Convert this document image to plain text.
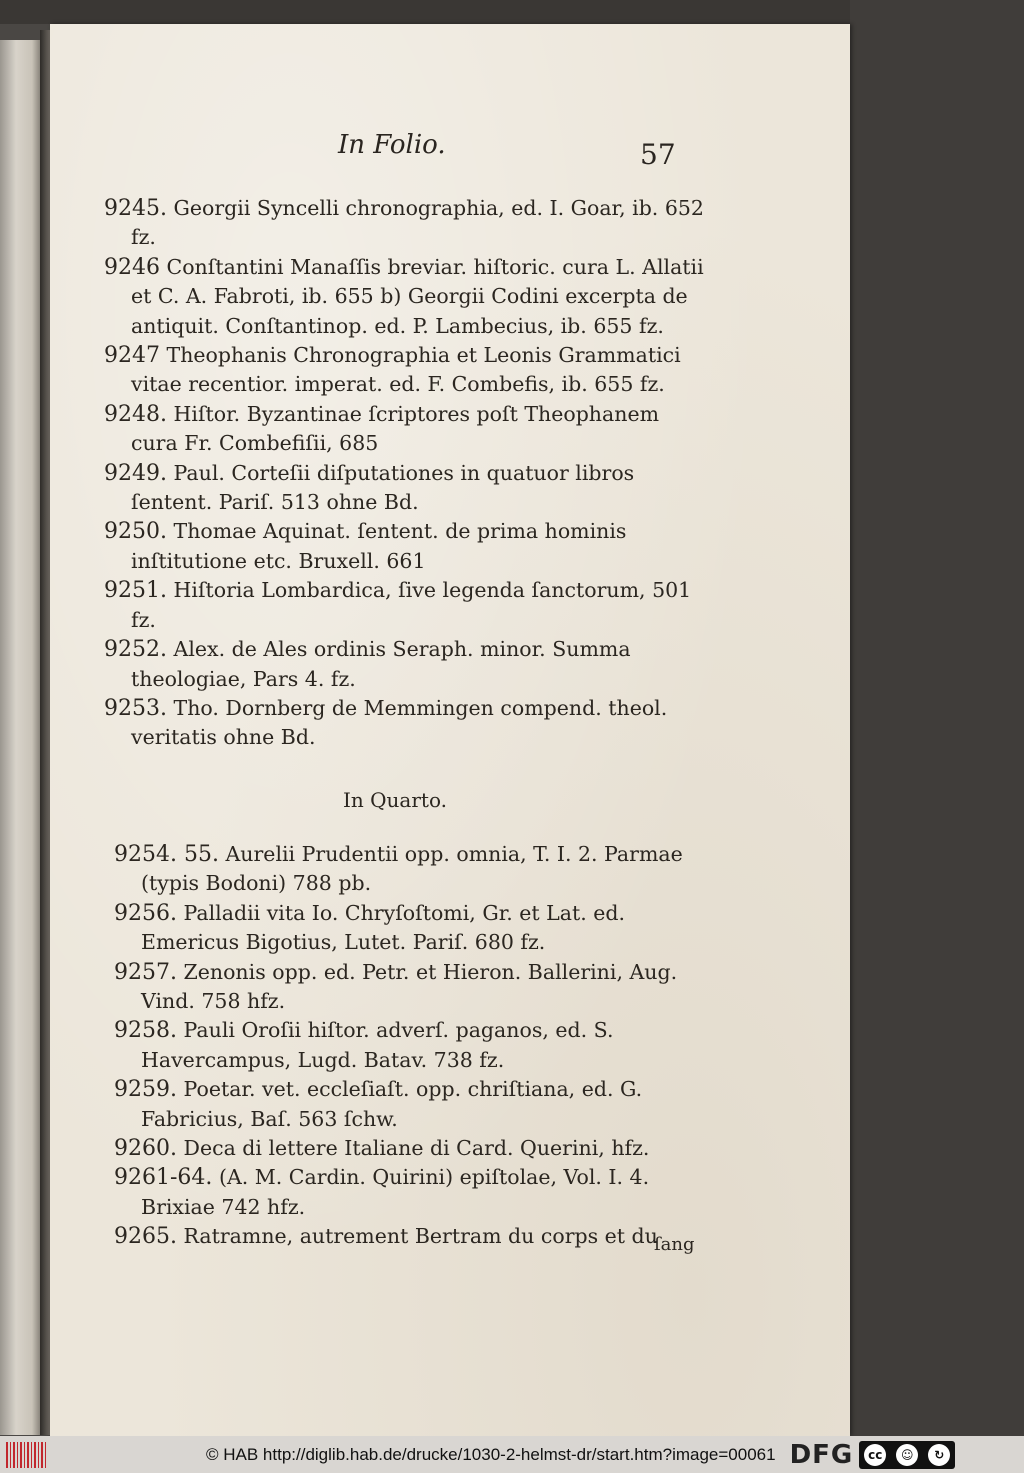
In Folio.	57

9245. Georgii Syncelli chronographia, ed. I. Goar, ib. 652 fz.

9246 Conſtantini Manaſſis breviar. hiſtoric. cura L. Allatii et C. A. Fabroti, ib. 655 b) Georgii Codini excerpta de antiquit. Conſtantinop. ed. P. Lambecius, ib. 655 fz.

9247 Theophanis Chronographia et Leonis Grammatici vitae recentior. imperat. ed. F. Combefis, ib. 655 fz.

9248. Hiſtor. Byzantinae ſcriptores poſt Theophanem cura Fr. Combefiſii, 685

9249. Paul. Corteſii diſputationes in quatuor libros ſentent. Pariſ. 513 ohne Bd.

9250. Thomae Aquinat. ſentent. de prima hominis inſtitutione etc. Bruxell. 661

9251. Hiſtoria Lombardica, ſive legenda ſanctorum, 501 fz.

9252. Alex. de Ales ordinis Seraph. minor. Summa theologiae, Pars 4. fz.

9253. Tho. Dornberg de Memmingen compend. theol. veritatis ohne Bd.

In Quarto.

9254. 55. Aurelii Prudentii opp. omnia, T. I. 2. Parmae (typis Bodoni) 788 pb.

9256. Palladii vita Io. Chryſoſtomi, Gr. et Lat. ed. Emericus Bigotius, Lutet. Pariſ. 680 fz.

9257. Zenonis opp. ed. Petr. et Hieron. Ballerini, Aug. Vind. 758 hfz.

9258. Pauli Oroſii hiſtor. adverſ. paganos, ed. S. Havercampus, Lugd. Batav. 738 fz.

9259. Poetar. vet. eccleſiaſt. opp. chriſtiana, ed. G. Fabricius, Baſ. 563 ſchw.

9260. Deca di lettere Italiane di Card. Querini, hfz.

9261-64. (A. M. Cardin. Quirini) epiſtolae, Vol. I. 4. Brixiae 742 hfz.

9265. Ratramne, autrement Bertram du corps et du

ſang
© HAB http://diglib.hab.de/drucke/1030-2-helmst-dr/start.htm?image=00061 DFG	cc	☺	↻
